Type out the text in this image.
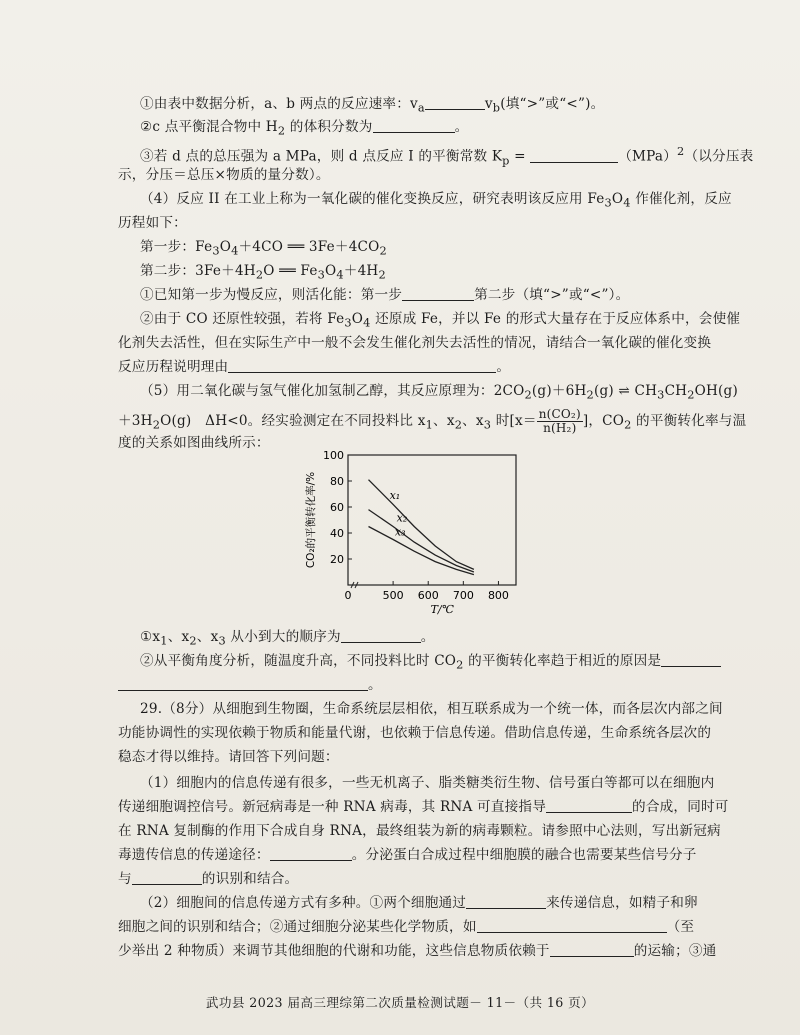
①由表中数据分析，a、b 两点的反应速率：$v_a$	$v_b$(填“>”或“<”)。
②c 点平衡混合物中 $H_2$ 的体积分数为	。
③若 d 点的总压强为 a MPa，则 d 点反应 I 的平衡常数 $K_p$ =	（MPa）$^2$（以分压表
示，分压＝总压×物质的量分数）。
（4）反应 II 在工业上称为一氧化碳的催化变换反应，研究表明该反应用 $Fe_3O_4$ 作催化剂，反应
历程如下：
第一步：$Fe_3O_4+4CO$ ══ $3Fe+4CO_2$
第二步：$3Fe+4H_2O$ ══ $Fe_3O_4+4H_2$
①已知第一步为慢反应，则活化能：第一步	第二步（填“>”或“<”）。
②由于 CO 还原性较强，若将 $Fe_3O_4$ 还原成 Fe，并以 Fe 的形式大量存在于反应体系中，会使催
化剂失去活性，但在实际生产中一般不会发生催化剂失去活性的情况，请结合一氧化碳的催化变换
反应历程说明理由	。
（5）用二氧化碳与氢气催化加氢制乙醇，其反应原理为：$2CO_2(g)+6H_2(g)$ ⇌ $CH_3CH_2OH(g)$
$+3H_2O(g)$　ΔH<0。经实验测定在不同投料比 $x_1$、$x_2$、$x_3$ 时[$x= \frac{\text{n(CO₂)}}{\text{n(H₂)}}$ ]，$CO_2$ 的平衡转化率与温
度的关系如图曲线所示：
20
40
60
80
100
0	500 600 700 800
T/℃
CO₂的平衡转化率/%	x₁
x₂
x₃
$①x_1$、$x_2$、$x_3$ 从小到大的顺序为	。
②从平衡角度分析，随温度升高，不同投料比时 $CO_2$ 的平衡转化率趋于相近的原因是
。
29.（8分）从细胞到生物圈，生命系统层层相依，相互联系成为一个统一体，而各层次内部之间
功能协调性的实现依赖于物质和能量代谢，也依赖于信息传递。借助信息传递，生命系统各层次的
稳态才得以维持。请回答下列问题：
（1）细胞内的信息传递有很多，一些无机离子、脂类糖类衍生物、信号蛋白等都可以在细胞内
传递细胞调控信号。新冠病毒是一种 RNA 病毒，其 RNA 可直接指导	的合成，同时可
在 RNA 复制酶的作用下合成自身 RNA，最终组装为新的病毒颗粒。请参照中心法则，写出新冠病
毒遗传信息的传递途径：	。分泌蛋白合成过程中细胞膜的融合也需要某些信号分子
与	的识别和结合。
（2）细胞间的信息传递方式有多种。①两个细胞通过	来传递信息，如精子和卵
细胞之间的识别和结合；②通过细胞分泌某些化学物质，如	（至
少举出 2 种物质）来调节其他细胞的代谢和功能，这些信息物质依赖于	的运输；③通
武功县 2023 届高三理综第二次质量检测试题－ 11－（共 16 页）
